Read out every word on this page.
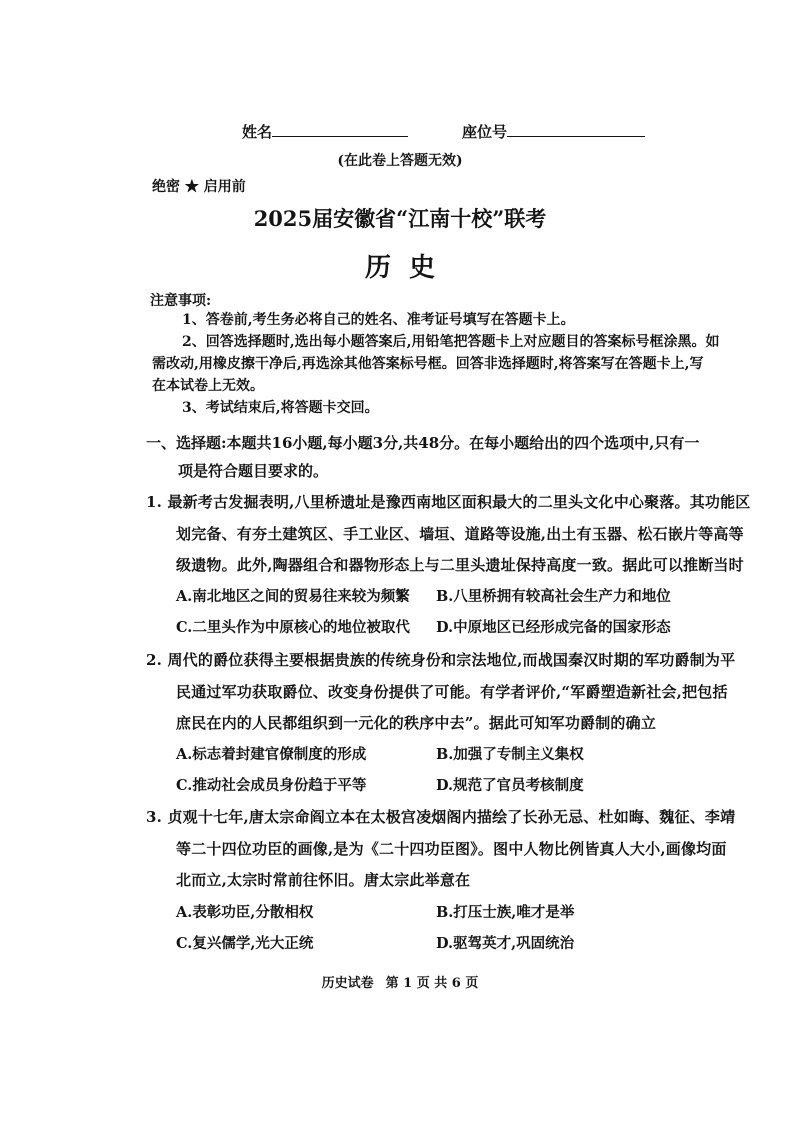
姓名	座位号
(在此卷上答题无效)
绝密 ★ 启用前
2025届安徽省“江南十校”联考
历史
注意事项:
1、答卷前,考生务必将自己的姓名、准考证号填写在答题卡上。
2、回答选择题时,选出每小题答案后,用铅笔把答题卡上对应题目的答案标号框涂黑。如
需改动,用橡皮擦干净后,再选涂其他答案标号框。回答非选择题时,将答案写在答题卡上,写
在本试卷上无效。
3、考试结束后,将答题卡交回。
一、选择题:本题共16小题,每小题3分,共48分。在每小题给出的四个选项中,只有一
项是符合题目要求的。
1. 最新考古发掘表明,八里桥遗址是豫西南地区面积最大的二里头文化中心聚落。其功能区
划完备、有夯土建筑区、手工业区、墙垣、道路等设施,出土有玉器、松石嵌片等高等
级遗物。此外,陶器组合和器物形态上与二里头遗址保持高度一致。据此可以推断当时
A.南北地区之间的贸易往来较为频繁 B.八里桥拥有较高社会生产力和地位
C.二里头作为中原核心的地位被取代 D.中原地区已经形成完备的国家形态
2. 周代的爵位获得主要根据贵族的传统身份和宗法地位,而战国秦汉时期的军功爵制为平
民通过军功获取爵位、改变身份提供了可能。有学者评价,“军爵塑造新社会,把包括
庶民在内的人民都组织到一元化的秩序中去”。据此可知军功爵制的确立
A.标志着封建官僚制度的形成	B.加强了专制主义集权
C.推动社会成员身份趋于平等	D.规范了官员考核制度
3. 贞观十七年,唐太宗命阎立本在太极宫凌烟阁内描绘了长孙无忌、杜如晦、魏征、李靖
等二十四位功臣的画像,是为《二十四功臣图》。图中人物比例皆真人大小,画像均面
北而立,太宗时常前往怀旧。唐太宗此举意在
A.表彰功臣,分散相权	B.打压士族,唯才是举
C.复兴儒学,光大正统	D.驱驾英才,巩固统治
历史试卷 第 1 页 共 6 页
